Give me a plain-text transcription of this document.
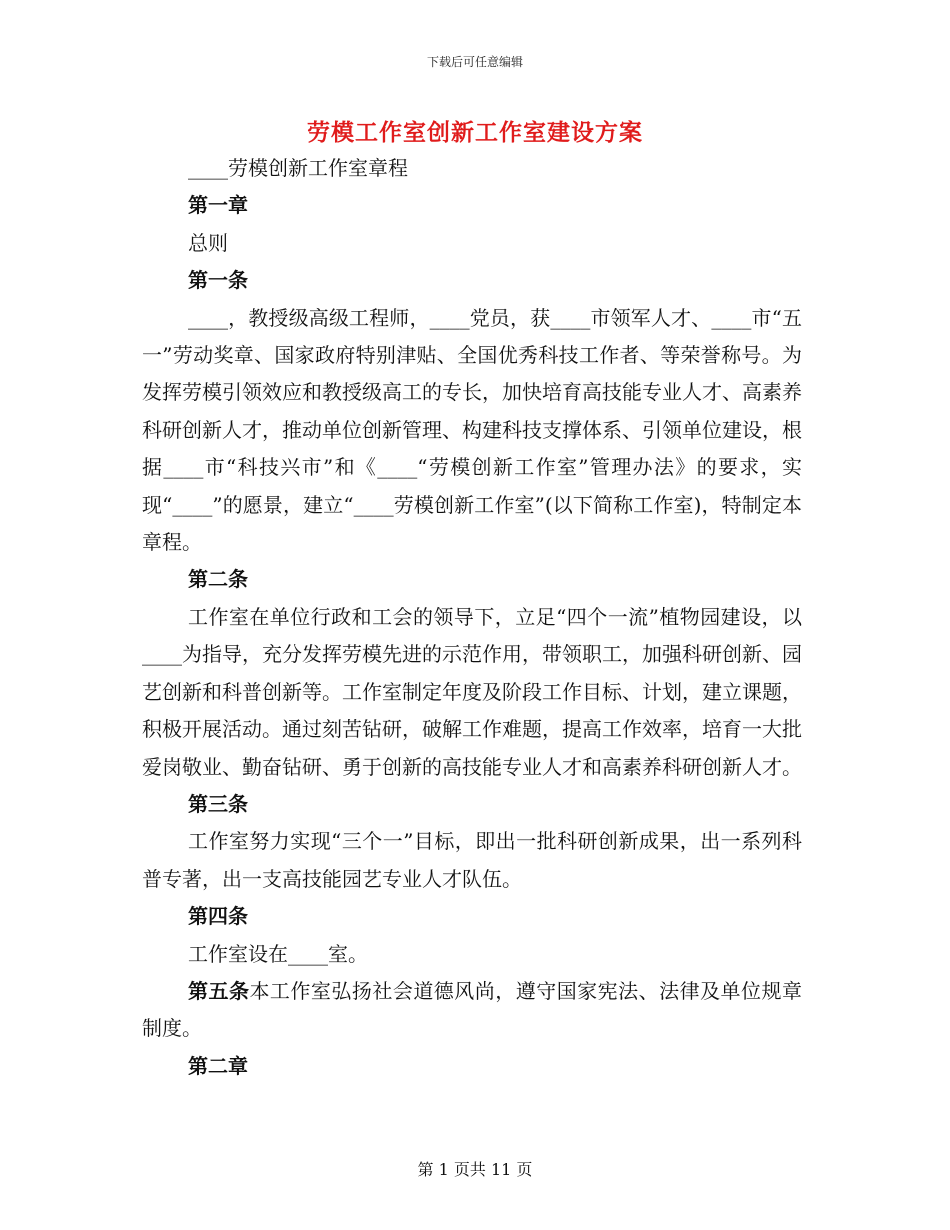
下载后可任意编辑
劳模工作室创新工作室建设方案
____劳模创新工作室章程
第一章
总则
第一条
____，教授级高级工程师，____党员，获____市领军人才、____市“五一”劳动奖章、国家政府特别津贴、全国优秀科技工作者、等荣誉称号。为发挥劳模引领效应和教授级高工的专长，加快培育高技能专业人才、高素养科研创新人才，推动单位创新管理、构建科技支撑体系、引领单位建设，根据____市“科技兴市”和《____“劳模创新工作室”管理办法》的要求，实现“____”的愿景，建立“____劳模创新工作室”(以下简称工作室)，特制定本章程。
第二条
工作室在单位行政和工会的领导下，立足“四个一流”植物园建设，以____为指导，充分发挥劳模先进的示范作用，带领职工，加强科研创新、园艺创新和科普创新等。工作室制定年度及阶段工作目标、计划，建立课题，积极开展活动。通过刻苦钻研，破解工作难题，提高工作效率，培育一大批爱岗敬业、勤奋钻研、勇于创新的高技能专业人才和高素养科研创新人才。
第三条
工作室努力实现“三个一”目标，即出一批科研创新成果，出一系列科普专著，出一支高技能园艺专业人才队伍。
第四条
工作室设在____室。
第五条本工作室弘扬社会道德风尚，遵守国家宪法、法律及单位规章制度。
第二章
第 1 页共 11 页
